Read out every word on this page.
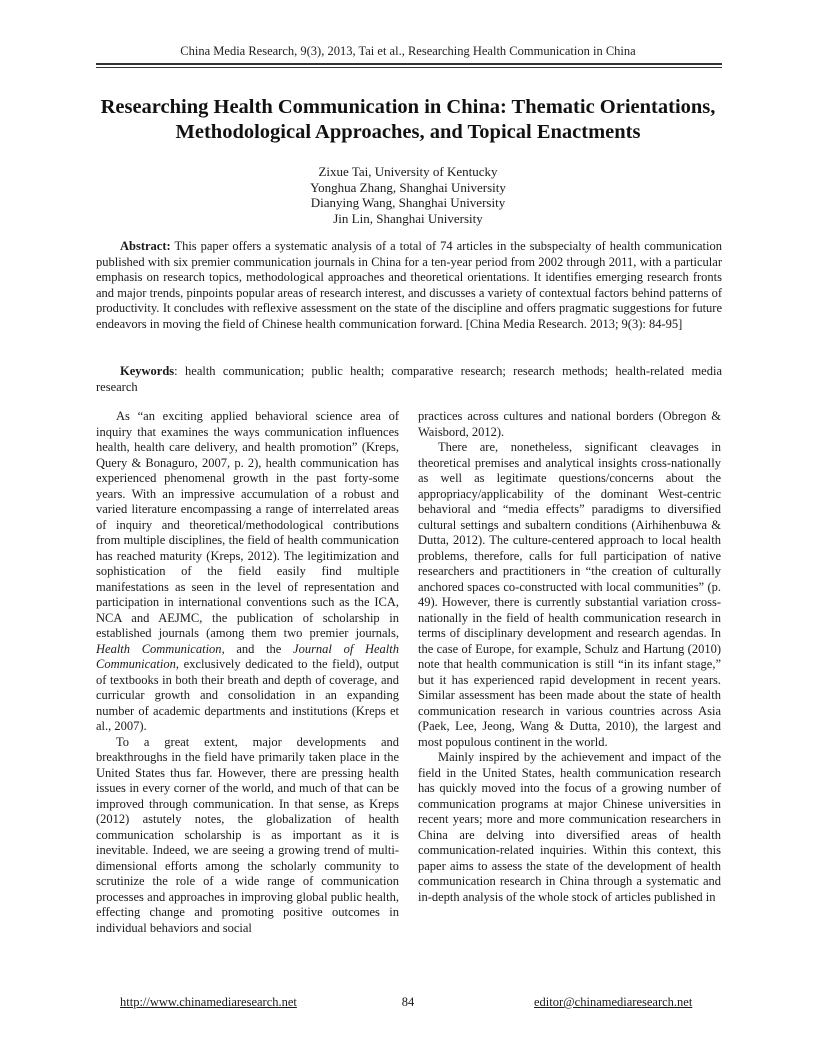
China Media Research, 9(3), 2013, Tai et al., Researching Health Communication in China
Researching Health Communication in China: Thematic Orientations, Methodological Approaches, and Topical Enactments
Zixue Tai, University of Kentucky
Yonghua Zhang, Shanghai University
Dianying Wang, Shanghai University
Jin Lin, Shanghai University

Abstract: This paper offers a systematic analysis of a total of 74 articles in the subspecialty of health communication published with six premier communication journals in China for a ten-year period from 2002 through 2011, with a particular emphasis on research topics, methodological approaches and theoretical orientations. It identifies emerging research fronts and major trends, pinpoints popular areas of research interest, and discusses a variety of contextual factors behind patterns of productivity. It concludes with reflexive assessment on the state of the discipline and offers pragmatic suggestions for future endeavors in moving the field of Chinese health communication forward. [China Media Research. 2013; 9(3): 84-95]

Keywords: health communication; public health; comparative research; research methods; health-related media research

As “an exciting applied behavioral science area of inquiry that examines the ways communication influences health, health care delivery, and health promotion” (Kreps, Query & Bonaguro, 2007, p. 2), health communication has experienced phenomenal growth in the past forty-some years. With an impressive accumulation of a robust and varied literature encompassing a range of interrelated areas of inquiry and theoretical/methodological contributions from multiple disciplines, the field of health communication has reached maturity (Kreps, 2012). The legitimization and sophistication of the field easily find multiple manifestations as seen in the level of representation and participation in international conventions such as the ICA, NCA and AEJMC, the publication of scholarship in established journals (among them two premier journals, Health Communication, and the Journal of Health Communication, exclusively dedicated to the field), output of textbooks in both their breath and depth of coverage, and curricular growth and consolidation in an expanding number of academic departments and institutions (Kreps et al., 2007).

To a great extent, major developments and breakthroughs in the field have primarily taken place in the United States thus far. However, there are pressing health issues in every corner of the world, and much of that can be improved through communication. In that sense, as Kreps (2012) astutely notes, the globalization of health communication scholarship is as important as it is inevitable. Indeed, we are seeing a growing trend of multi-dimensional efforts among the scholarly community to scrutinize the role of a wide range of communication processes and approaches in improving global public health, effecting change and promoting positive outcomes in individual behaviors and social

practices across cultures and national borders (Obregon & Waisbord, 2012).

There are, nonetheless, significant cleavages in theoretical premises and analytical insights cross-nationally as well as legitimate questions/concerns about the appropriacy/applicability of the dominant West-centric behavioral and “media effects” paradigms to diversified cultural settings and subaltern conditions (Airhihenbuwa & Dutta, 2012). The culture-centered approach to local health problems, therefore, calls for full participation of native researchers and practitioners in “the creation of culturally anchored spaces co-constructed with local communities” (p. 49). However, there is currently substantial variation cross-nationally in the field of health communication research in terms of disciplinary development and research agendas. In the case of Europe, for example, Schulz and Hartung (2010) note that health communication is still “in its infant stage,” but it has experienced rapid development in recent years. Similar assessment has been made about the state of health communication research in various countries across Asia (Paek, Lee, Jeong, Wang & Dutta, 2010), the largest and most populous continent in the world.

Mainly inspired by the achievement and impact of the field in the United States, health communication research has quickly moved into the focus of a growing number of communication programs at major Chinese universities in recent years; more and more communication researchers in China are delving into diversified areas of health communication-related inquiries. Within this context, this paper aims to assess the state of the development of health communication research in China through a systematic and in-depth analysis of the whole stock of articles published in

http://www.chinamediaresearch.net	84	editor@chinamediaresearch.net
